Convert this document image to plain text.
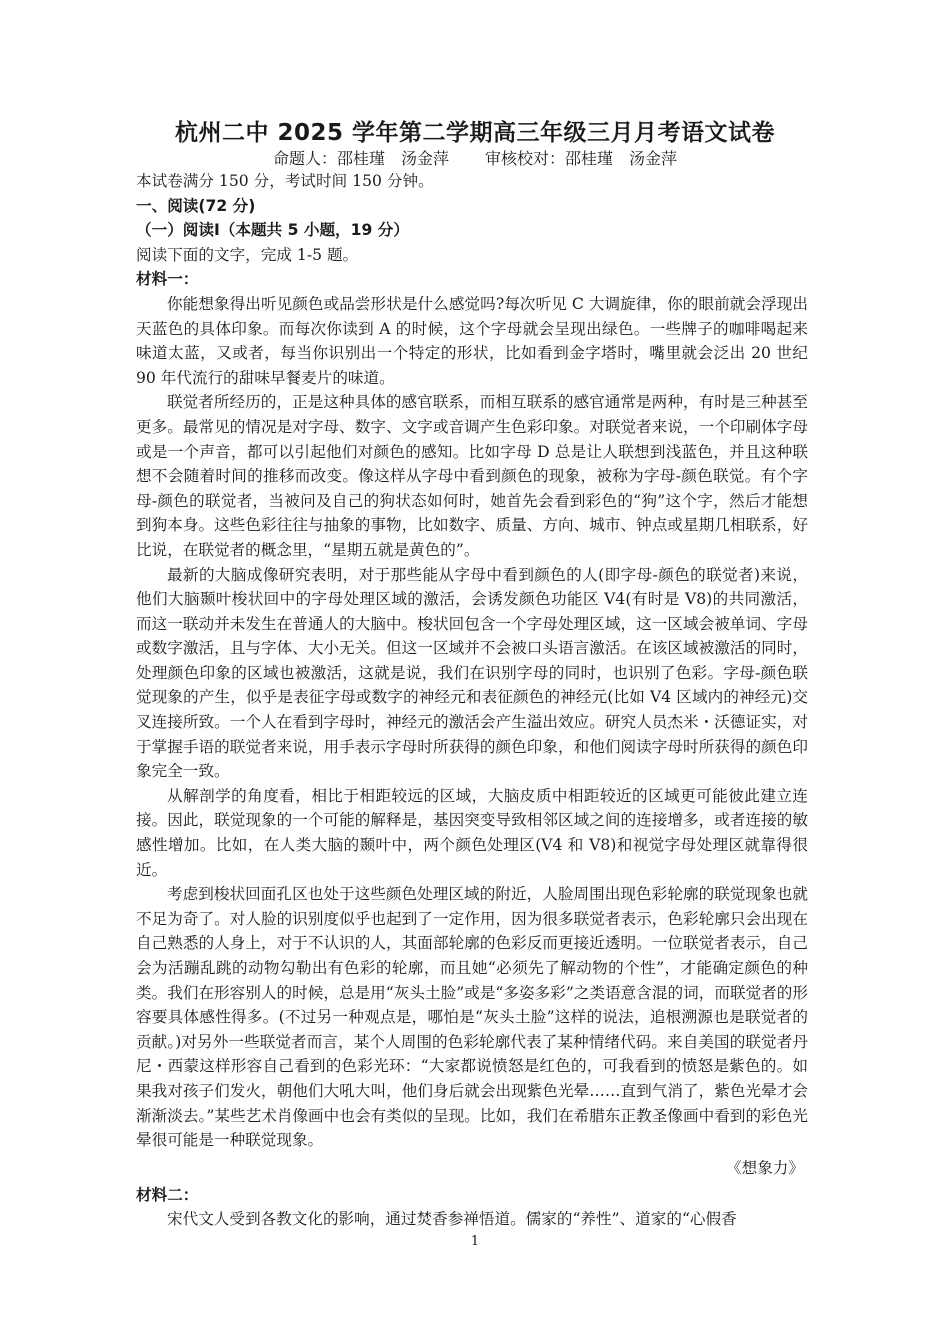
杭州二中 2025 学年第二学期高三年级三月月考语文试卷

命题人：邵桂瑾　汤金萍 审核校对：邵桂瑾　汤金萍

本试卷满分 150 分，考试时间 150 分钟。

一、阅读(72 分)

（一）阅读Ⅰ（本题共 5 小题，19 分）

阅读下面的文字，完成 1-5 题。

材料一：

你能想象得出听见颜色或品尝形状是什么感觉吗?每次听见 C 大调旋律，你的眼前就会浮现出天蓝色的具体印象。而每次你读到 A 的时候，这个字母就会呈现出绿色。一些牌子的咖啡喝起来味道太蓝，又或者，每当你识别出一个特定的形状，比如看到金字塔时，嘴里就会泛出 20 世纪 90 年代流行的甜味早餐麦片的味道。

联觉者所经历的，正是这种具体的感官联系，而相互联系的感官通常是两种，有时是三种甚至更多。最常见的情况是对字母、数字、文字或音调产生色彩印象。对联觉者来说，一个印刷体字母或是一个声音，都可以引起他们对颜色的感知。比如字母 D 总是让人联想到浅蓝色，并且这种联想不会随着时间的推移而改变。像这样从字母中看到颜色的现象，被称为字母-颜色联觉。有个字母-颜色的联觉者，当被问及自己的狗状态如何时，她首先会看到彩色的“狗”这个字，然后才能想到狗本身。这些色彩往往与抽象的事物，比如数字、质量、方向、城市、钟点或星期几相联系，好比说，在联觉者的概念里，“星期五就是黄色的”。

最新的大脑成像研究表明，对于那些能从字母中看到颜色的人(即字母-颜色的联觉者)来说，他们大脑颞叶梭状回中的字母处理区域的激活，会诱发颜色功能区 V4(有时是 V8)的共同激活，而这一联动并未发生在普通人的大脑中。梭状回包含一个字母处理区域，这一区域会被单词、字母或数字激活，且与字体、大小无关。但这一区域并不会被口头语言激活。在该区域被激活的同时，处理颜色印象的区域也被激活，这就是说，我们在识别字母的同时，也识别了色彩。字母-颜色联觉现象的产生，似乎是表征字母或数字的神经元和表征颜色的神经元(比如 V4 区域内的神经元)交叉连接所致。一个人在看到字母时，神经元的激活会产生溢出效应。研究人员杰米・沃德证实，对于掌握手语的联觉者来说，用手表示字母时所获得的颜色印象，和他们阅读字母时所获得的颜色印象完全一致。

从解剖学的角度看，相比于相距较远的区域，大脑皮质中相距较近的区域更可能彼此建立连接。因此，联觉现象的一个可能的解释是，基因突变导致相邻区域之间的连接增多，或者连接的敏感性增加。比如，在人类大脑的颞叶中，两个颜色处理区(V4 和 V8)和视觉字母处理区就靠得很近。

考虑到梭状回面孔区也处于这些颜色处理区域的附近，人脸周围出现色彩轮廓的联觉现象也就不足为奇了。对人脸的识别度似乎也起到了一定作用，因为很多联觉者表示，色彩轮廓只会出现在自己熟悉的人身上，对于不认识的人，其面部轮廓的色彩反而更接近透明。一位联觉者表示，自己会为活蹦乱跳的动物勾勒出有色彩的轮廓，而且她“必须先了解动物的个性”，才能确定颜色的种类。我们在形容别人的时候，总是用“灰头土脸”或是“多姿多彩”之类语意含混的词，而联觉者的形容要具体感性得多。(不过另一种观点是，哪怕是“灰头土脸”这样的说法，追根溯源也是联觉者的贡献。)对另外一些联觉者而言，某个人周围的色彩轮廓代表了某种情绪代码。来自美国的联觉者丹尼・西蒙这样形容自己看到的色彩光环：“大家都说愤怒是红色的，可我看到的愤怒是紫色的。如果我对孩子们发火，朝他们大吼大叫，他们身后就会出现紫色光晕……直到气消了，紫色光晕才会渐渐淡去。”某些艺术肖像画中也会有类似的呈现。比如，我们在希腊东正教圣像画中看到的彩色光晕很可能是一种联觉现象。

《想象力》

材料二：

宋代文人受到各教文化的影响，通过焚香参禅悟道。儒家的“养性”、道家的“心假香

1
